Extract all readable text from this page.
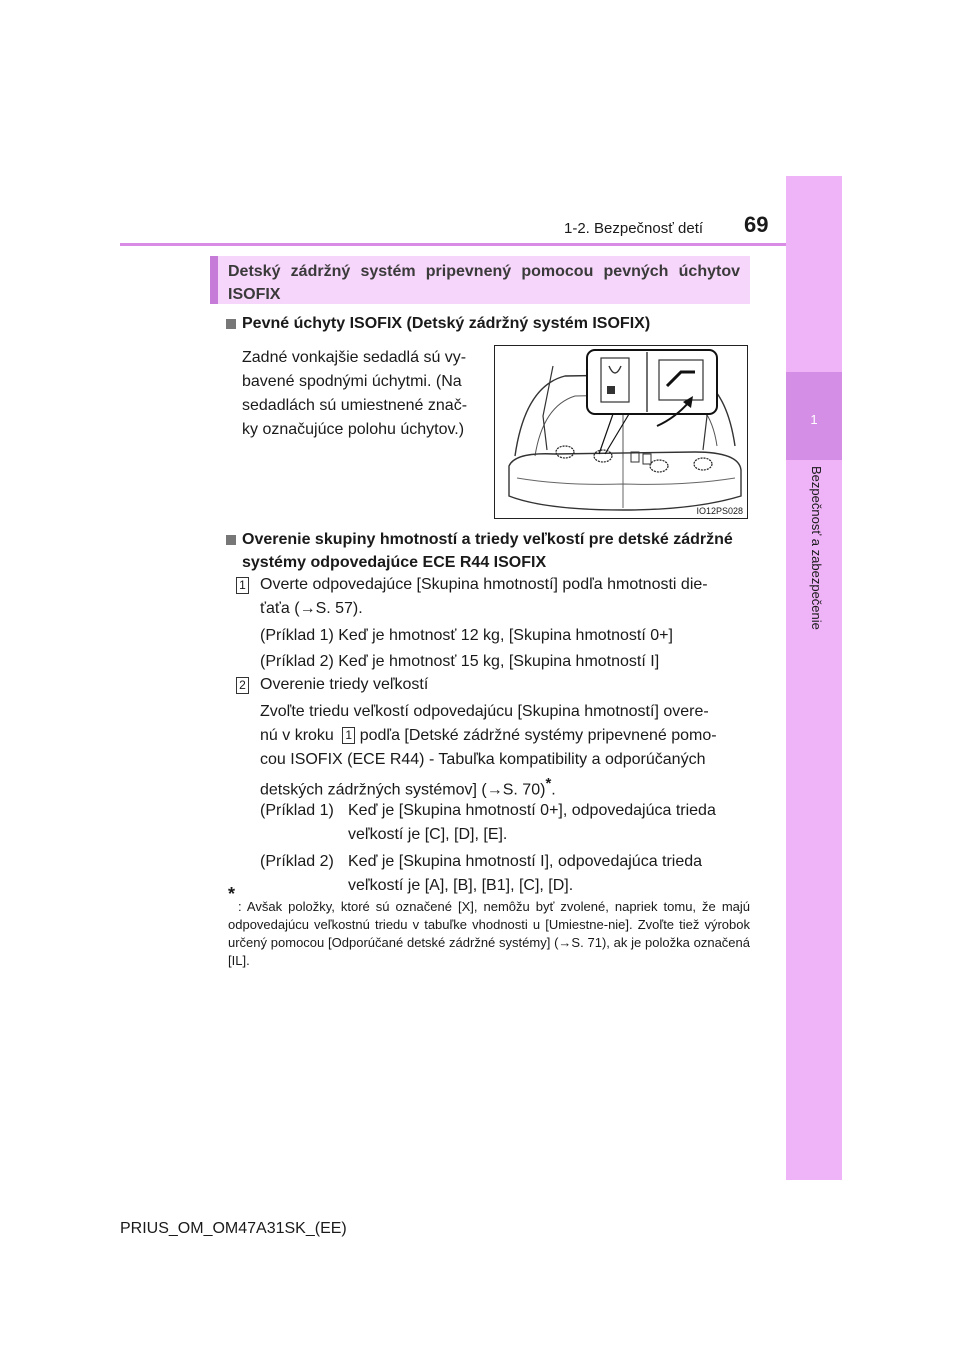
1-2. Bezpečnosť detí 69
1
Bezpečnosť a zabezpečenie
Detský zádržný systém pripevnený pomocou pevných úchytov ISOFIX
Pevné úchyty ISOFIX (Detský zádržný systém ISOFIX)
Zadné vonkajšie sedadlá sú vy-
bavené spodnými úchytmi. (Na
sedadlách sú umiestnené znač-
ky označujúce polohu úchytov.)
IO12PS028
Overenie skupiny hmotností a triedy veľkostí pre detské zádržné
systémy odpovedajúce ECE R44 ISOFIX
1 Overte odpovedajúce [Skupina hmotností] podľa hmotnosti die-
ťaťa (→S. 57).
(Príklad 1) Keď je hmotnosť 12 kg, [Skupina hmotností 0+]
(Príklad 2) Keď je hmotnosť 15 kg, [Skupina hmotností I]
2 Overenie triedy veľkostí
Zvoľte triedu veľkostí odpovedajúcu [Skupina hmotností] overe-
nú v kroku 1 podľa [Detské zádržné systémy pripevnené pomo-
cou ISOFIX (ECE R44) - Tabuľka kompatibility a odporúčaných
detských zádržných systémov] (→S. 70)*.
(Príklad 1) Keď je [Skupina hmotností 0+], odpovedajúca trieda
veľkostí je [C], [D], [E].
(Príklad 2) Keď je [Skupina hmotností I], odpovedajúca trieda
veľkostí je [A], [B], [B1], [C], [D].
*
: Avšak položky, ktoré sú označené [X], nemôžu byť zvolené, napriek tomu, že majú odpovedajúcu veľkostnú triedu v tabuľke vhodnosti u [Umiestne-nie]. Zvoľte tiež výrobok určený pomocou [Odporúčané detské zádržné systémy] (→S. 71), ak je položka označená [IL].
PRIUS_OM_OM47A31SK_(EE)
